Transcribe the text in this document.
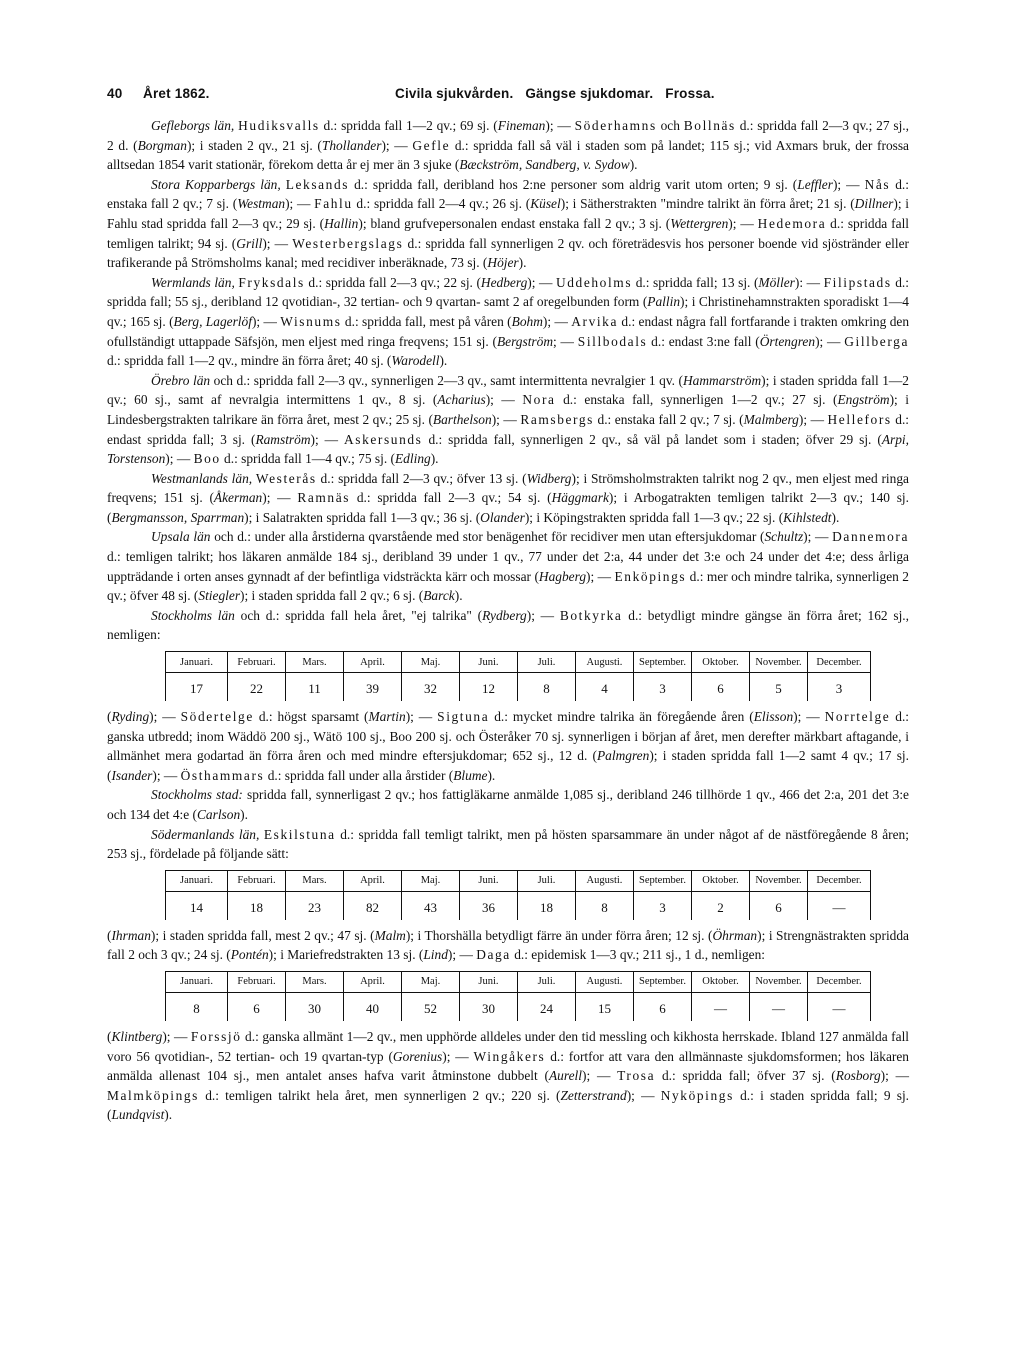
40	Året 1862.	Civila sjukvården. Gängse sjukdomar. Frossa.

Gefleborgs län, Hudiksvalls d.: spridda fall 1—2 qv.; 69 sj. (Fineman); — Söderhamns och Bollnäs d.: spridda fall 2—3 qv.; 27 sj., 2 d. (Borgman); i staden 2 qv., 21 sj. (Thollander); — Gefle d.: spridda fall så väl i staden som på landet; 115 sj.; vid Axmars bruk, der frossa alltsedan 1854 varit stationär, förekom detta år ej mer än 3 sjuke (Bæckström, Sandberg, v. Sydow).

Stora Kopparbergs län, Leksands d.: spridda fall, deribland hos 2:ne personer som aldrig varit utom orten; 9 sj. (Leffler); — Nås d.: enstaka fall 2 qv.; 7 sj. (Westman); — Fahlu d.: spridda fall 2—4 qv.; 26 sj. (Küsel); i Sätherstrakten "mindre talrikt än förra året; 21 sj. (Dillner); i Fahlu stad spridda fall 2—3 qv.; 29 sj. (Hallin); bland grufvepersonalen endast enstaka fall 2 qv.; 3 sj. (Wettergren); — Hedemora d.: spridda fall temligen talrikt; 94 sj. (Grill); — Westerbergslags d.: spridda fall synnerligen 2 qv. och företrädesvis hos personer boende vid sjöstränder eller trafikerande på Strömsholms kanal; med recidiver inberäknade, 73 sj. (Höjer).

Wermlands län, Fryksdals d.: spridda fall 2—3 qv.; 22 sj. (Hedberg); — Uddeholms d.: spridda fall; 13 sj. (Möller): — Filipstads d.: spridda fall; 55 sj., deribland 12 qvotidian-, 32 tertian- och 9 qvartan- samt 2 af oregelbunden form (Pallin); i Christinehamnstrakten sporadiskt 1—4 qv.; 165 sj. (Berg, Lagerlöf); — Wisnums d.: spridda fall, mest på våren (Bohm); — Arvika d.: endast några fall fortfarande i trakten omkring den ofullständigt uttappade Säfsjön, men eljest med ringa freqvens; 151 sj. (Bergström; — Sillbodals d.: endast 3:ne fall (Örtengren); — Gillberga d.: spridda fall 1—2 qv., mindre än förra året; 40 sj. (Warodell).

Örebro län och d.: spridda fall 2—3 qv., synnerligen 2—3 qv., samt intermittenta nevralgier 1 qv. (Hammarström); i staden spridda fall 1—2 qv.; 60 sj., samt af nevralgia intermittens 1 qv., 8 sj. (Acharius); — Nora d.: enstaka fall, synnerligen 1—2 qv.; 27 sj. (Engström); i Lindesbergstrakten talrikare än förra året, mest 2 qv.; 25 sj. (Barthelson); — Ramsbergs d.: enstaka fall 2 qv.; 7 sj. (Malmberg); — Hellefors d.: endast spridda fall; 3 sj. (Ramström); — Askersunds d.: spridda fall, synnerligen 2 qv., så väl på landet som i staden; öfver 29 sj. (Arpi, Torstenson); — Boo d.: spridda fall 1—4 qv.; 75 sj. (Edling).

Westmanlands län, Westerås d.: spridda fall 2—3 qv.; öfver 13 sj. (Widberg); i Strömsholmstrakten talrikt nog 2 qv., men eljest med ringa freqvens; 151 sj. (Åkerman); — Ramnäs d.: spridda fall 2—3 qv.; 54 sj. (Häggmark); i Arbogatrakten temligen talrikt 2—3 qv.; 140 sj. (Bergmansson, Sparrman); i Salatrakten spridda fall 1—3 qv.; 36 sj. (Olander); i Köpingstrakten spridda fall 1—3 qv.; 22 sj. (Kihlstedt).

Upsala län och d.: under alla årstiderna qvarstående med stor benägenhet för recidiver men utan eftersjukdomar (Schultz); — Dannemora d.: temligen talrikt; hos läkaren anmälde 184 sj., deribland 39 under 1 qv., 77 under det 2:a, 44 under det 3:e och 24 under det 4:e; dess årliga uppträdande i orten anses gynnadt af der befintliga vidsträckta kärr och mossar (Hagberg); — Enköpings d.: mer och mindre talrika, synnerligen 2 qv.; öfver 48 sj. (Stiegler); i staden spridda fall 2 qv.; 6 sj. (Barck).

Stockholms län och d.: spridda fall hela året, "ej talrika" (Rydberg); — Botkyrka d.: betydligt mindre gängse än förra året; 162 sj., nemligen:

Januari.	Februari.	Mars.	April.	Maj.	Juni.	Juli.	Augusti.	September.	Oktober.	November.	December.
17	22	11	39	32	12	8	4	3	6	5	3

(Ryding); — Södertelge d.: högst sparsamt (Martin); — Sigtuna d.: mycket mindre talrika än föregående åren (Elisson); — Norrtelge d.: ganska utbredd; inom Wäddö 200 sj., Wätö 100 sj., Boo 200 sj. och Österåker 70 sj. synnerligen i början af året, men derefter märkbart aftagande, i allmänhet mera godartad än förra åren och med mindre eftersjukdomar; 652 sj., 12 d. (Palmgren); i staden spridda fall 1—2 samt 4 qv.; 17 sj. (Isander); — Östhammars d.: spridda fall under alla årstider (Blume).

Stockholms stad: spridda fall, synnerligast 2 qv.; hos fattigläkarne anmälde 1,085 sj., deribland 246 tillhörde 1 qv., 466 det 2:a, 201 det 3:e och 134 det 4:e (Carlson).

Södermanlands län, Eskilstuna d.: spridda fall temligt talrikt, men på hösten sparsammare än under något af de nästföregående 8 åren; 253 sj., fördelade på följande sätt:

Januari.	Februari.	Mars.	April.	Maj.	Juni.	Juli.	Augusti.	September.	Oktober.	November.	December.
14	18	23	82	43	36	18	8	3	2	6	—

(Ihrman); i staden spridda fall, mest 2 qv.; 47 sj. (Malm); i Thorshälla betydligt färre än under förra åren; 12 sj. (Öhrman); i Strengnästrakten spridda fall 2 och 3 qv.; 24 sj. (Pontén); i Mariefredstrakten 13 sj. (Lind); — Daga d.: epidemisk 1—3 qv.; 211 sj., 1 d., nemligen:

Januari.	Februari.	Mars.	April.	Maj.	Juni.	Juli.	Augusti.	September.	Oktober.	November.	December.
8	6	30	40	52	30	24	15	6	—	—	—

(Klintberg); — Forssjö d.: ganska allmänt 1—2 qv., men upphörde alldeles under den tid messling och kikhosta herrskade. Ibland 127 anmälda fall voro 56 qvotidian-, 52 tertian- och 19 qvartan-typ (Gorenius); — Wingåkers d.: fortfor att vara den allmännaste sjukdomsformen; hos läkaren anmälda allenast 104 sj., men antalet anses hafva varit åtminstone dubbelt (Aurell); — Trosa d.: spridda fall; öfver 37 sj. (Rosborg); — Malmköpings d.: temligen talrikt hela året, men synnerligen 2 qv.; 220 sj. (Zetterstrand); — Nyköpings d.: i staden spridda fall; 9 sj. (Lundqvist).
